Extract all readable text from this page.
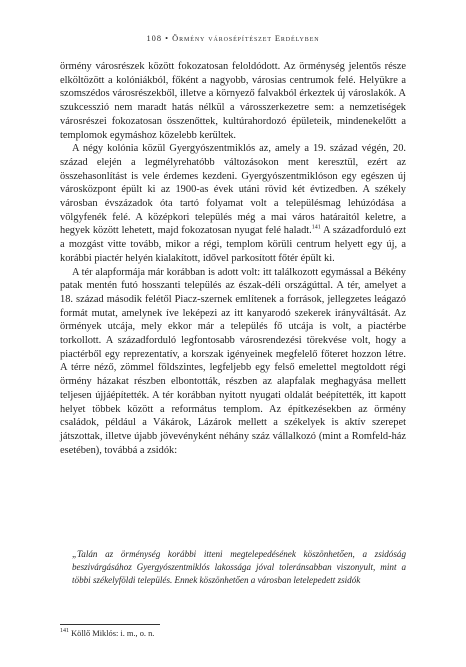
108 • Örmény városépítészet Erdélyben

örmény városrészek között fokozatosan feloldódott. Az örménység jelentős része elköltözött a kolóniákból, főként a nagyobb, városias centrumok felé. Helyükre a szomszédos városrészekből, illetve a környező falvakból érkeztek új városlakók. A szukcesszió nem maradt hatás nélkül a városszerkezetre sem: a nemzetiségek városrészei fokozatosan összenőttek, kultúrahordozó épületeik, mindenekelőtt a templomok egymáshoz közelebb kerültek.

A négy kolónia közül Gyergyószentmiklós az, amely a 19. század végén, 20. század elején a legmélyrehatóbb változásokon ment keresztül, ezért az összehasonlítást is vele érdemes kezdeni. Gyergyószentmiklóson egy egészen új városközpont épült ki az 1900-as évek utáni rövid két évtizedben. A székely városban évszázadok óta tartó folyamat volt a településmag lehúzódása a völgyfenék felé. A középkori település még a mai város határaitól keletre, a hegyek között lehetett, majd fokozatosan nyugat felé haladt.$^{141}$ A századforduló ezt a mozgást vitte tovább, mikor a régi, templom körüli centrum helyett egy új, a korábbi piactér helyén kialakított, idővel parkosított főtér épült ki.

A tér alapformája már korábban is adott volt: itt találkozott egymással a Békény patak mentén futó hosszanti település az észak-déli országúttal. A tér, amelyet a 18. század második felétől Piacz-szernek említenek a források, jellegzetes leágazó formát mutat, amelynek íve leképezi az itt kanyarodó szekerek irányváltását. Az örmények utcája, mely ekkor már a település fő utcája is volt, a piactérbe torkollott. A századforduló legfontosabb városrendezési törekvése volt, hogy a piactérből egy reprezentatív, a korszak igényeinek megfelelő főteret hozzon létre. A térre néző, zömmel földszintes, legfeljebb egy felső emelettel megtoldott régi örmény házakat részben elbontották, részben az alapfalak meghagyása mellett teljesen újjáépítették. A tér korábban nyitott nyugati oldalát beépítették, itt kapott helyet többek között a református templom. Az építkezésekben az örmény családok, például a Vákárok, Lázárok mellett a székelyek is aktív szerepet játszottak, illetve újabb jövevényként néhány száz vállalkozó (mint a Romfeld-ház esetében), továbbá a zsidók:

„Talán az örménység korábbi itteni megtelepedésének köszönhetően, a zsidóság beszivárgásához Gyergyószentmiklós lakossága jóval toleránsabban viszonyult, mint a többi székelyföldi település. Ennek köszönhetően a városban letelepedett zsidók
$^{141}$ Köllő Miklós: i. m., o. n.
